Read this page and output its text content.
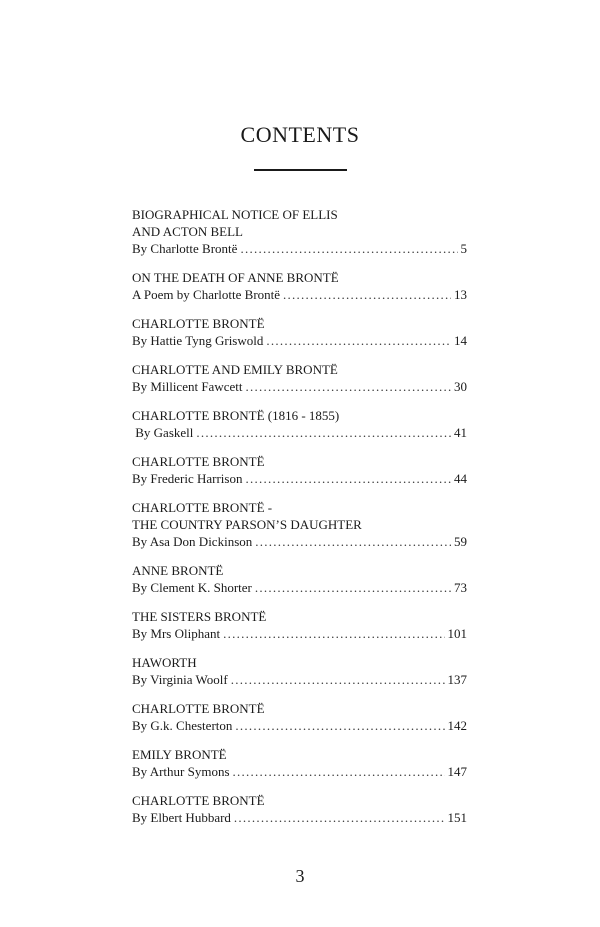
CONTENTS
BIOGRAPHICAL NOTICE OF ELLIS
AND ACTON BELL
By Charlotte Brontë . . .	5
ON THE DEATH OF ANNE BRONTË
A Poem by Charlotte Brontë . . .	13
CHARLOTTE BRONTË
By Hattie Tyng Griswold . . .	14
CHARLOTTE AND EMILY BRONTË
By Millicent Fawcett . . .	30
CHARLOTTE BRONTË (1816 - 1855)
By Gaskell . . .	41
CHARLOTTE BRONTË
By Frederic Harrison . . .	44
CHARLOTTE BRONTË -
THE COUNTRY PARSON’S DAUGHTER
By Asa Don Dickinson . . .	59
ANNE BRONTË
By Clement K. Shorter . . .	73
THE SISTERS BRONTË
By Mrs Oliphant . . .	101
HAWORTH
By Virginia Woolf . . .	137
CHARLOTTE BRONTË
By G.k. Chesterton . . .	142
EMILY BRONTË
By Arthur Symons . . .	147
CHARLOTTE BRONTË
By Elbert Hubbard . . .	151
3
